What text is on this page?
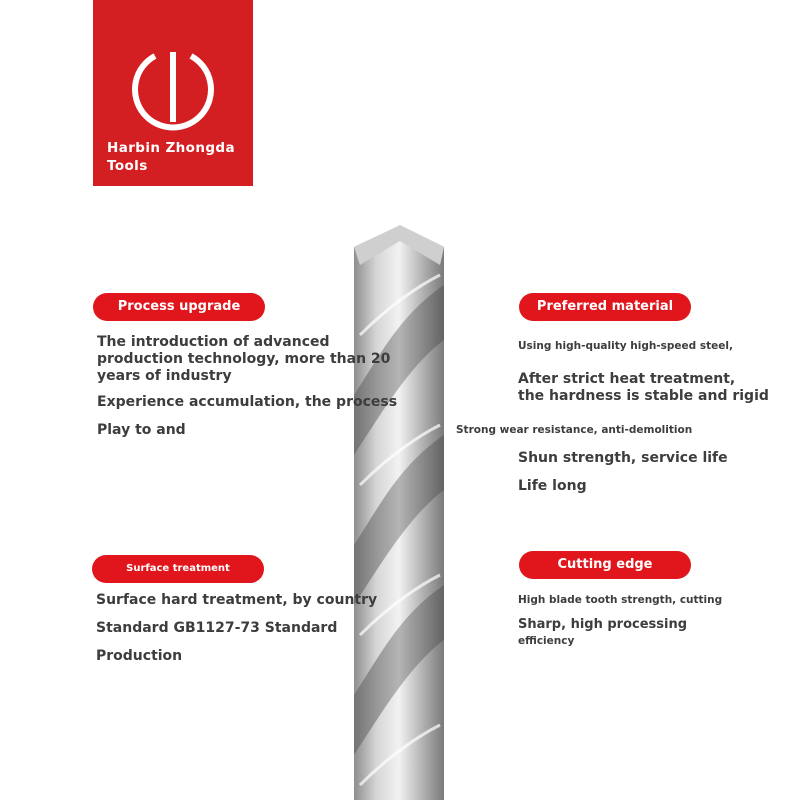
Harbin Zhongda Tools
Process upgrade
The introduction of advanced
production technology, more than 20
years of industry
Experience accumulation, the process
Play to and
Preferred material
Using high-quality high-speed steel,
After strict heat treatment,
the hardness is stable and rigid
Strong wear resistance, anti-demolition
Shun strength, service life
Life long
Surface treatment
Surface hard treatment, by country
Standard GB1127-73 Standard
Production
Cutting edge
High blade tooth strength, cutting
Sharp, high processing
efficiency
